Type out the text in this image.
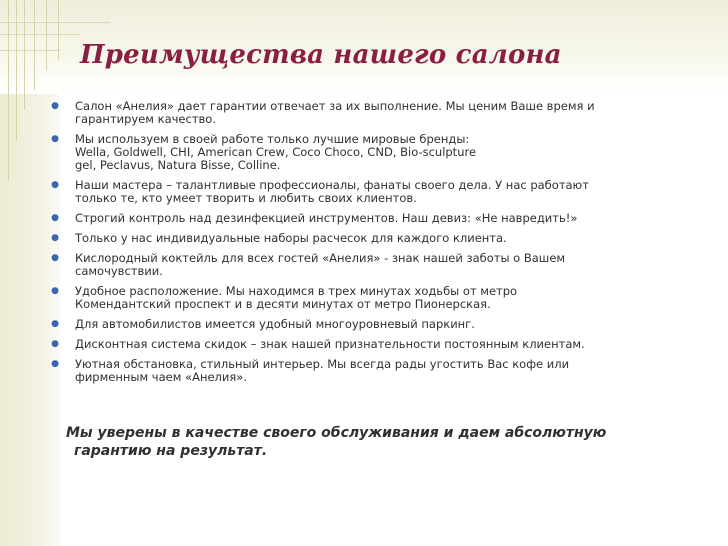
Преимущества нашего салона
● Салон «Анелия» дает гарантии отвечает за их выполнение. Мы ценим Ваше время и
гарантируем качество.
● Мы используем в своей работе только лучшие мировые бренды:
Wella, Goldwell, CHI, American Crew, Coco Choco, CND, Bio-sculpture
gel, Peclavus, Natura Bisse, Colline.
● Наши мастера – талантливые профессионалы, фанаты своего дела. У нас работают
только те, кто умеет творить и любить своих клиентов.
● Строгий контроль над дезинфекцией инструментов. Наш девиз: «Не навредить!»
● Только у нас индивидуальные наборы расчесок для каждого клиента.
● Кислородный коктейль для всех гостей «Анелия» - знак нашей заботы о Вашем
самочувствии.
● Удобное расположение. Мы находимся в трех минутах ходьбы от метро
Комендантский проспект и в десяти минутах от метро Пионерская.
● Для автомобилистов имеется удобный многоуровневый паркинг.
● Дисконтная система скидок – знак нашей признательности постоянным клиентам.
● Уютная обстановка, стильный интерьер. Мы всегда рады угостить Вас кофе или
фирменным чаем «Анелия».

Мы уверены в качестве своего обслуживания и даем абсолютную
гарантию на результат.
